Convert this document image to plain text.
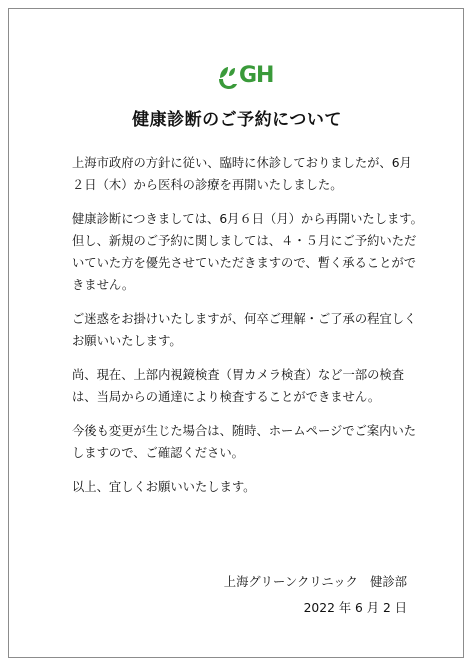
GH
健康診断のご予約について

上海市政府の方針に従い、臨時に休診しておりましたが、6月２日（木）から医科の診療を再開いたしました。

健康診断につきましては、6月６日（月）から再開いたします。但し、新規のご予約に関しましては、４・５月にご予約いただいていた方を優先させていただきますので、暫く承ることができません。

ご迷惑をお掛けいたしますが、何卒ご理解・ご了承の程宜しくお願いいたします。

尚、現在、上部内視鏡検査（胃カメラ検査）など一部の検査は、当局からの通達により検査することができません。

今後も変更が生じた場合は、随時、ホームページでご案内いたしますので、ご確認ください。

以上、宜しくお願いいたします。

上海グリーンクリニック　健診部
2022 年 6 月 2 日
